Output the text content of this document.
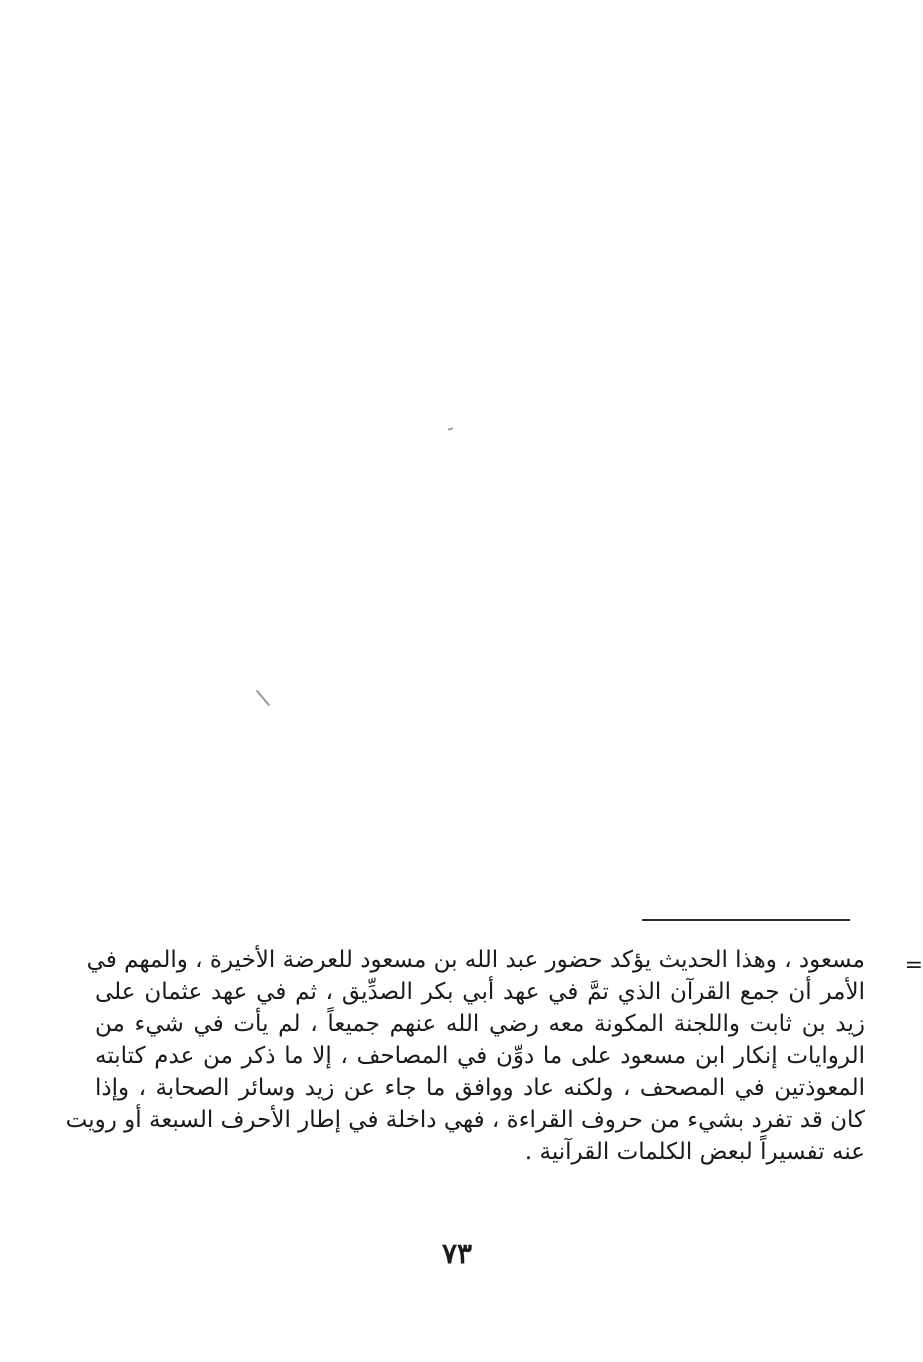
=
مسعود ، وهذا الحديث يؤكد حضور عبد الله بن مسعود للعرضة الأخيرة ، والمهم في
الأمر أن جمع القرآن الذي تمَّ في عهد أبي بكر الصدِّيق ، ثم في عهد عثمان على
زيد بن ثابت واللجنة المكونة معه رضي الله عنهم جميعاً ، لم يأت في شيء من
الروايات إنكار ابن مسعود على ما دوِّن في المصاحف ، إلا ما ذكر من عدم كتابته
المعوذتين في المصحف ، ولكنه عاد ووافق ما جاء عن زيد وسائر الصحابة ، وإذا
كان قد تفرد بشيء من حروف القراءة ، فهي داخلة في إطار الأحرف السبعة أو رويت
عنه تفسيراً لبعض الكلمات القرآنية .
٧٣
